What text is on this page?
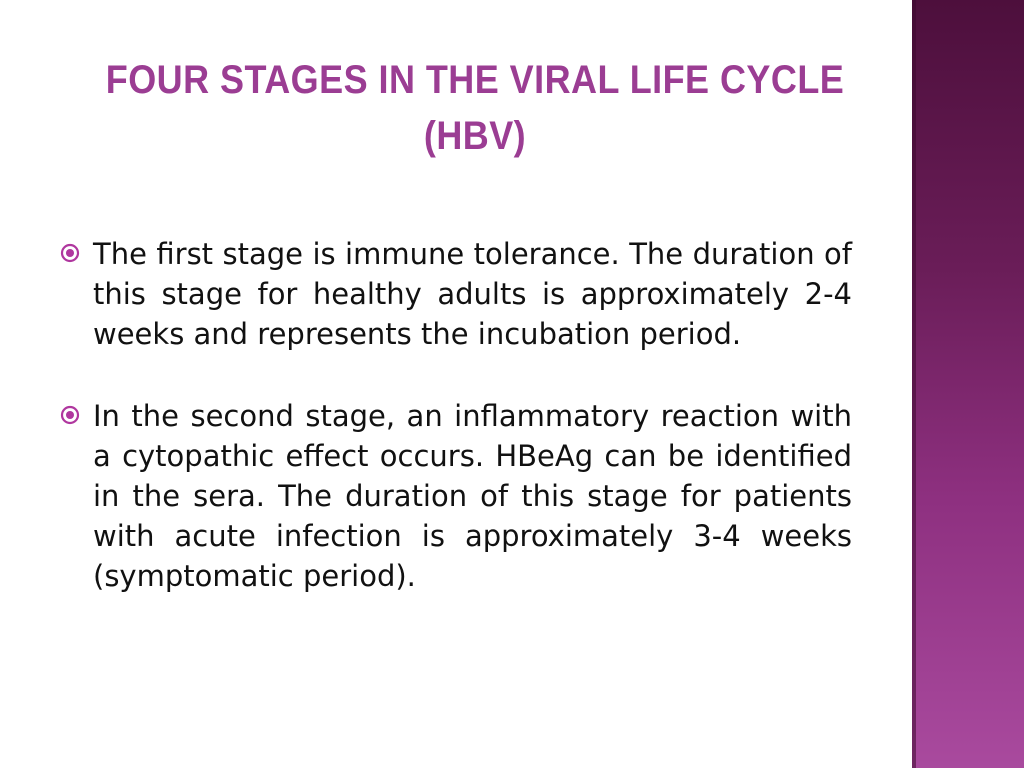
FOUR STAGES IN THE VIRAL LIFE CYCLE
(HBV)
The first stage is immune tolerance. The duration of this stage for healthy adults is approximately 2-4 weeks and represents the incubation period.
In the second stage, an inflammatory reaction with a cytopathic effect occurs. HBeAg can be identified in the sera. The duration of this stage for patients with acute infection is approximately 3-4 weeks (symptomatic period).
